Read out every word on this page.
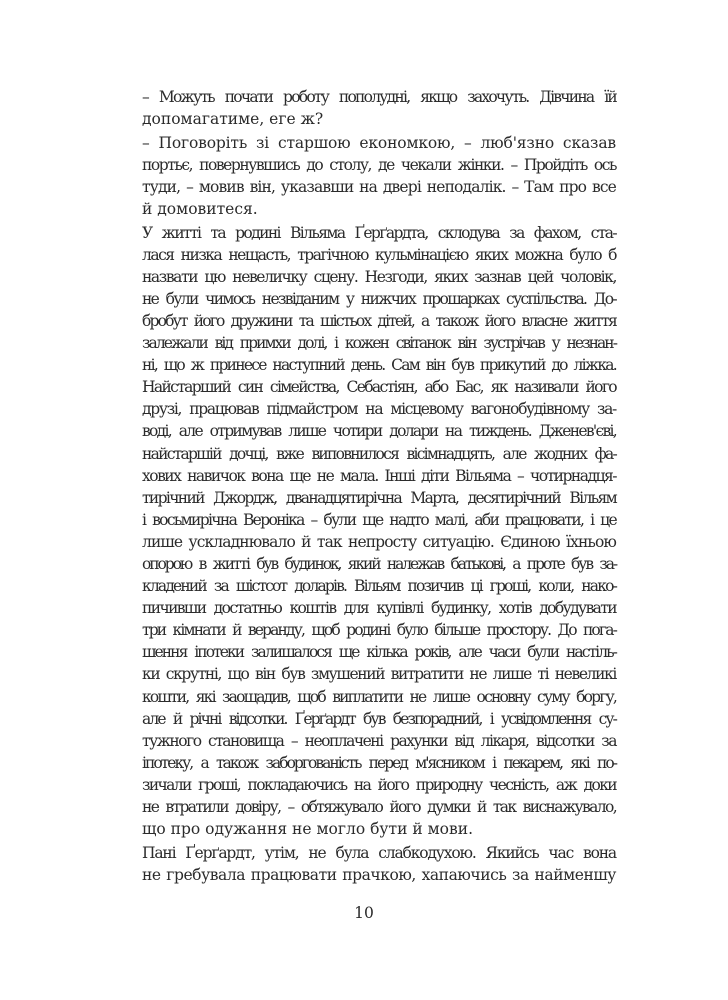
– Можуть почати роботу пополудні, якщо захочуть. Дівчина їй
допомагатиме, еге ж?

– Поговоріть зі старшою економкою, – люб'язно сказав
портьє, повернувшись до столу, де чекали жінки. – Пройдіть ось
туди, – мовив він, указавши на двері неподалік. – Там про все
й домовитеся.

У житті та родині Вільяма Ґерґардта, склодува за фахом, ста-
лася низка нещасть, трагічною кульмінацією яких можна було б
назвати цю невеличку сцену. Незгоди, яких зазнав цей чоловік,
не були чимось незвіданим у нижчих прошарках суспільства. До-
бробут його дружини та шістьох дітей, а також його власне життя
залежали від примхи долі, і кожен світанок він зустрічав у незнан-
ні, що ж принесе наступний день. Сам він був прикутий до ліжка.
Найстарший син сімейства, Себастіян, або Бас, як називали його
друзі, працював підмайстром на місцевому вагонобудівному за-
воді, але отримував лише чотири долари на тиждень. Дженев'єві,
найстаршій дочці, вже виповнилося вісімнадцять, але жодних фа-
хових навичок вона ще не мала. Інші діти Вільяма – чотирнадця-
тирічний Джордж, дванадцятирічна Марта, десятирічний Вільям
і восьмирічна Вероніка – були ще надто малі, аби працювати, і це
лише ускладнювало й так непросту ситуацію. Єдиною їхньою
опорою в житті був будинок, який належав батькові, а проте був за-
кладений за шістсот доларів. Вільям позичив ці гроші, коли, нако-
пичивши достатньо коштів для купівлі будинку, хотів добудувати
три кімнати й веранду, щоб родині було більше простору. До пога-
шення іпотеки залишалося ще кілька років, але часи були настіль-
ки скрутні, що він був змушений витратити не лише ті невеликі
кошти, які заощадив, щоб виплатити не лише основну суму боргу,
але й річні відсотки. Ґерґардт був безпорадний, і усвідомлення су-
тужного становища – неоплачені рахунки від лікаря, відсотки за
іпотеку, а також заборгованість перед м'ясником і пекарем, які по-
зичали гроші, покладаючись на його природну чесність, аж доки
не втратили довіру, – обтяжувало його думки й так виснажувало,
що про одужання не могло бути й мови.

Пані Ґерґардт, утім, не була слабкодухою. Якийсь час вона
не гребувала працювати прачкою, хапаючись за найменшу

10
